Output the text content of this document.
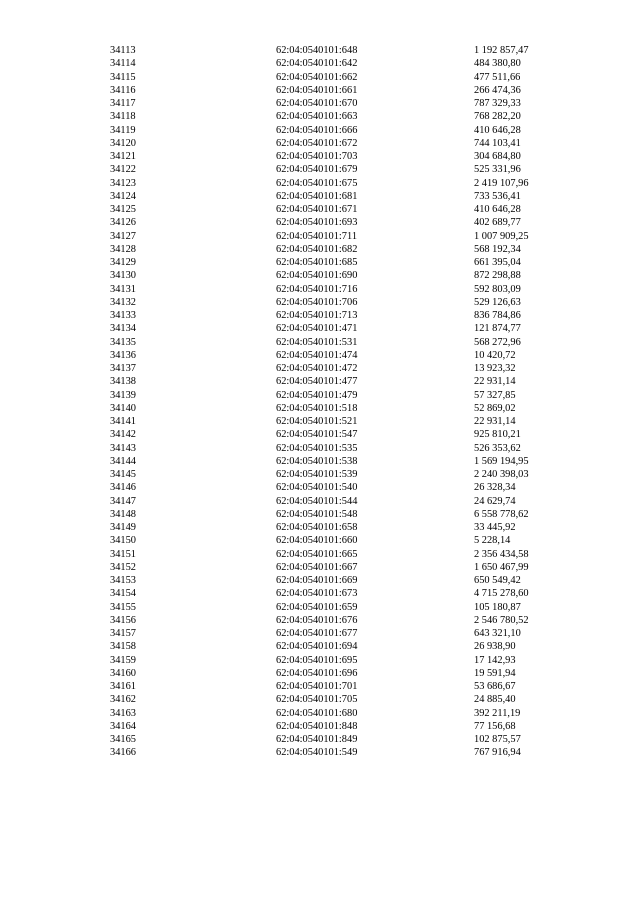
34113	62:04:0540101:648	1 192 857,47
34114	62:04:0540101:642	484 380,80
34115	62:04:0540101:662	477 511,66
34116	62:04:0540101:661	266 474,36
34117	62:04:0540101:670	787 329,33
34118	62:04:0540101:663	768 282,20
34119	62:04:0540101:666	410 646,28
34120	62:04:0540101:672	744 103,41
34121	62:04:0540101:703	304 684,80
34122	62:04:0540101:679	525 331,96
34123	62:04:0540101:675	2 419 107,96
34124	62:04:0540101:681	733 536,41
34125	62:04:0540101:671	410 646,28
34126	62:04:0540101:693	402 689,77
34127	62:04:0540101:711	1 007 909,25
34128	62:04:0540101:682	568 192,34
34129	62:04:0540101:685	661 395,04
34130	62:04:0540101:690	872 298,88
34131	62:04:0540101:716	592 803,09
34132	62:04:0540101:706	529 126,63
34133	62:04:0540101:713	836 784,86
34134	62:04:0540101:471	121 874,77
34135	62:04:0540101:531	568 272,96
34136	62:04:0540101:474	10 420,72
34137	62:04:0540101:472	13 923,32
34138	62:04:0540101:477	22 931,14
34139	62:04:0540101:479	57 327,85
34140	62:04:0540101:518	52 869,02
34141	62:04:0540101:521	22 931,14
34142	62:04:0540101:547	925 810,21
34143	62:04:0540101:535	526 353,62
34144	62:04:0540101:538	1 569 194,95
34145	62:04:0540101:539	2 240 398,03
34146	62:04:0540101:540	26 328,34
34147	62:04:0540101:544	24 629,74
34148	62:04:0540101:548	6 558 778,62
34149	62:04:0540101:658	33 445,92
34150	62:04:0540101:660	5 228,14
34151	62:04:0540101:665	2 356 434,58
34152	62:04:0540101:667	1 650 467,99
34153	62:04:0540101:669	650 549,42
34154	62:04:0540101:673	4 715 278,60
34155	62:04:0540101:659	105 180,87
34156	62:04:0540101:676	2 546 780,52
34157	62:04:0540101:677	643 321,10
34158	62:04:0540101:694	26 938,90
34159	62:04:0540101:695	17 142,93
34160	62:04:0540101:696	19 591,94
34161	62:04:0540101:701	53 686,67
34162	62:04:0540101:705	24 885,40
34163	62:04:0540101:680	392 211,19
34164	62:04:0540101:848	77 156,68
34165	62:04:0540101:849	102 875,57
34166	62:04:0540101:549	767 916,94
